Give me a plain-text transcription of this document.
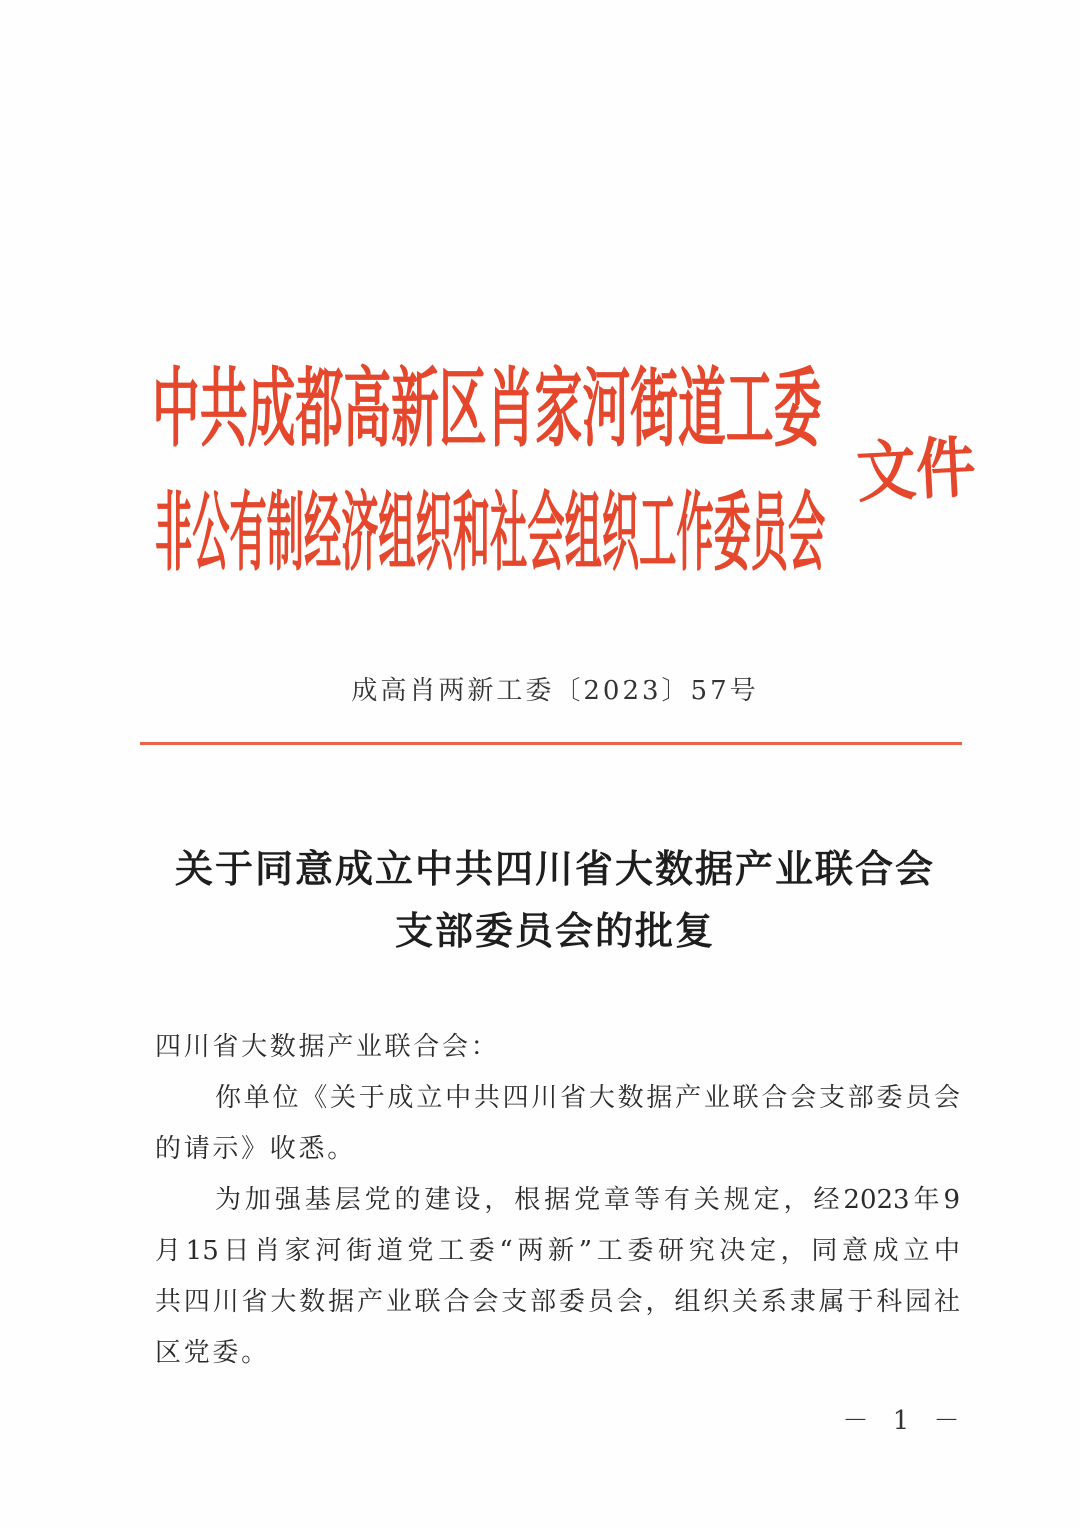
中共成都高新区肖家河街道工委
非公有制经济组织和社会组织工作委员会
文件
成高肖两新工委〔2023〕57号
关于同意成立中共四川省大数据产业联合会
支部委员会的批复
四川省大数据产业联合会：
你单位《关于成立中共四川省大数据产业联合会支部委员会
的请示》收悉。
为加强基层党的建设，根据党章等有关规定，经2023年9
月15日肖家河街道党工委“两新”工委研究决定，同意成立中
共四川省大数据产业联合会支部委员会，组织关系隶属于科园社
区党委。
－ 1 －
